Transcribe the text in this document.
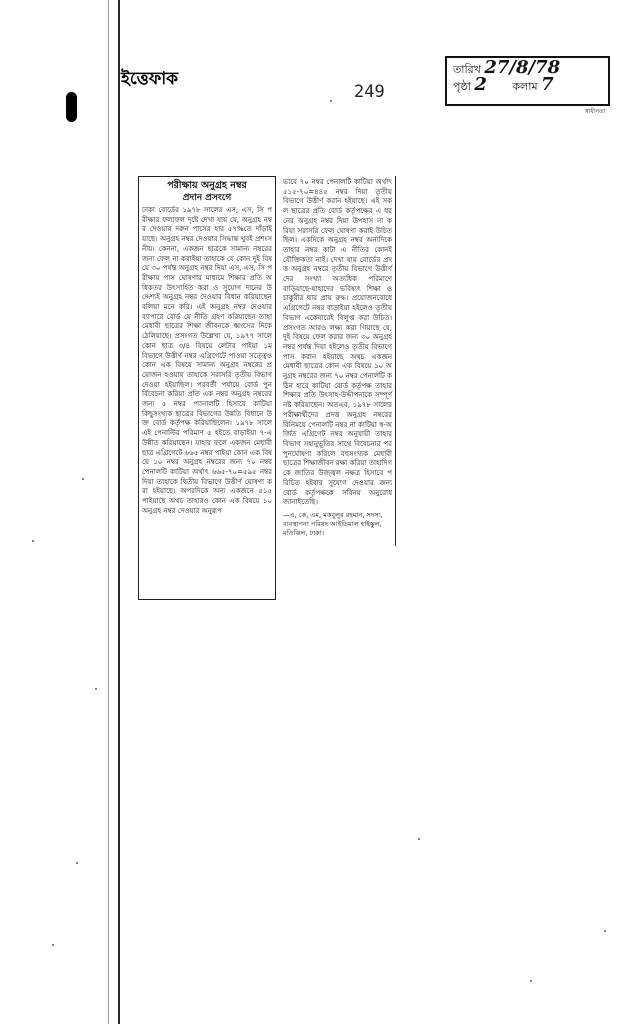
ইত্তেফাক
249
তারিখ 27/8/78
পৃষ্ঠা 2 কলাম 7
স্বাধীনতা
পরীক্ষায় অনুগ্রহ নম্বর
প্রদান প্রসংগে

ঢাকা বোর্ডের ১৯৭৮ সালের এস, এস, সি পরীক্ষার ফলাফল দৃষ্টে দেখা যায় যে, অনুগ্রহ নম্বর দেওয়ার দরুন পাসের হার ৫৭%তে দাঁড়াইয়াছে। অনুগ্রহ নম্বর দেওয়ার সিদ্ধান্ত খুবই প্রশংসনীয়। কেননা, একজন ছাত্রকে সামান্য নম্বরের জন্য ফেল না করাইয়া তাহাকে যে কোন দুই বিষয়ে ৩০ পর্যন্ত অনুগ্রহ নম্বর দিয়া এস, এস, সি পরীক্ষায় পাস ঘোষণার মাধ্যমে শিক্ষার প্রতি অধিকতর উৎসাহিত করা ও সুযোগ দানের উদ্দেশ্যই অনুগ্রহ নম্বর দেওয়ার বিধান করিয়াছেন বলিয়া মনে করি। এই অনুগ্রহ নম্বর দেওয়ার ব্যাপারে বোর্ড যে নীতি গ্রহণ করিয়াছেন তাহা মেধাবী ছাত্রের শিক্ষা জীবনকে ধ্বংসের দিকে ঠেলিয়াছে। প্রসংগত উল্লেখ্য যে, ১৯৭৭ সালে কোন ছাত্র ৩/৪ বিষয়ে লেটার পাইয়া ১ম বিভাগে উত্তীর্ণ নম্বর এগ্রিগেটে পাওয়া সত্ত্বেও কোন এক বিষয়ে সামান্য অনুগ্রহ নম্বরের প্রয়োজন হওয়ায় তাহাকে সরাসরি তৃতীয় বিভাগ দেওয়া হইয়াছিল। পরবর্তী পর্যায়ে বোর্ড পুনর্বিবেচনা করিয়া প্রতি এক নম্বর অনুগ্রহ নম্বরের জন্য ৫ নম্বর প্যানালটি হিসাবে কাটিয়া কিছুসংখ্যক ছাত্রের বিভাগের উন্নতি বিধানে উক্ত বোর্ড কর্তৃপক্ষ করিয়াছিলেন। ১৯৭৮ সালে এই পেনাল্টির পরিমাণ ৫ হইতে বাড়াইয়া ৭-এ উন্নীত করিয়াছেন। যাহার ফলে একজন মেধাবী ছাত্র এগ্রিগেটে ৬৬৫ নম্বর পাইয়া কোন এক বিষয়ে ১০ নম্বর অনুগ্রহ নম্বরের জন্য ৭০ নম্বর পেনালটি কাটিয়া অর্থাৎ ৬৬৫-৭০=৫৯৫ নম্বর দিয়া তাহাকে দ্বিতীয় বিভাগে উত্তীর্ণ ঘোষণা করা হইয়াছে। অপরদিকে অন্য একজনে ৫১৫ পাইয়াছে অথচ তাহারও কোন এক বিষয়ে ১০ অনুগ্রহ নম্বর দেওয়ার অনুরূপ

ভাবে ৭০ নম্বর পেনালটি কাটিয়া অর্থাৎ ৫১৫-৭০=৪৪৫ নম্বর দিয়া তৃতীয় বিভাগে উত্তীর্ণ করান হইয়াছে। এই সকল ছাত্রের প্রতি বোর্ড কর্তৃপক্ষের এ ধরনের অনুগ্রহ নম্বর দিয়া উপহাস না করিয়া সরাসরি ফেল ঘোষণা করাই উচিত ছিল। একদিকে অনুগ্রহ নম্বর অন্যদিকে তাহার নম্বর কাটা এ নীতির কোনই যৌক্তিকতা নাই। দেখা যায় বোর্ডের প্রদত্ত অনুগ্রহ নম্বরে তৃতীয় বিভাগে উত্তীর্ণদের সংখ্যা অত্যধিক পরিমাণে বাড়িয়াছে-যাহাদের ভবিষ্যৎ শিক্ষা ও চাকুরীর দ্বার প্রায় রুদ্ধ। প্রয়োজনবোধে এগ্রিগেটে নম্বর বাড়াইয়া হইলেও তৃতীয় বিভাগ একেবারেই বিলুপ্ত করা উচিত। প্রসংগত আরও লক্ষ্য করা গিয়াছে যে, দুই বিষয়ে ফেল করার জন্য ৩০ অনুগ্রহ নম্বর পর্যন্ত দিয়া হইলেও তৃতীয় বিভাগে পাস করান হইয়াছে অথচ একজন মেধাবী ছাত্রের কোন এক বিষয়ে ১০ অনুগ্রহ নম্বরের জন্য ৭০ নম্বর পেনালটি কঠিন হারে কাটিয়া বোর্ড কর্তৃপক্ষ তাহার শিক্ষার প্রতি উৎসাহ-উদ্দীপনাকে সম্পূর্ণ নষ্ট করিয়াছেন। অতএব, ১৯৭৮ সালের পরীক্ষার্থীদের প্রদত্ত অনুগ্রহ নম্বরের বিনিময়ে পেনালটি নম্বর না কাটিয়া স্ব-অর্জিত এগ্রিগেট নম্বর অনুযায়ী তাহার বিভাগ সহানুভূতির সাথে বিবেচনার পর পুনর্ঘোষণা করিলে বহুসংখ্যক মেধাবী ছাত্রের শিক্ষাজীবন রক্ষা করিয়া তাহাদিগকে জাতির উজ্জ্বল নক্ষত্র হিসাবে পরিচিত হইবার সুযোগ দেওয়ার জন্য বোর্ড কর্তৃপক্ষকে সবিনয় অনুরোধ জানাইতেছি।

—এ, কে, এম, মকবুলুর রহমান, সদস্য, ব্যবস্থাপনা পরিষদ আইডিয়াল হাইস্কুল, মতিঝিল, ঢাকা।
